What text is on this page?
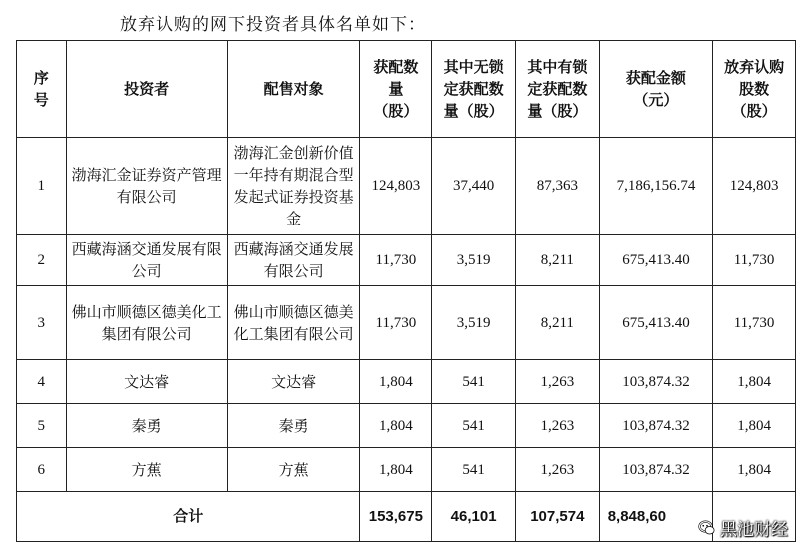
放弃认购的网下投资者具体名单如下：
序号	投资者	配售对象	获配数量（股）	其中无锁定获配数量（股）	其中有锁定获配数量（股）	获配金额（元）	放弃认购股数（股）

1	渤海汇金证券资产管理有限公司	渤海汇金创新价值一年持有期混合型发起式证券投资基金	124,803	37,440	87,363	7,186,156.74	124,803
2	西藏海涵交通发展有限公司	西藏海涵交通发展有限公司	11,730	3,519	8,211	675,413.40	11,730
3	佛山市顺德区德美化工集团有限公司	佛山市顺德区德美化工集团有限公司	11,730	3,519	8,211	675,413.40	11,730
4	文达睿	文达睿	1,804	541	1,263	103,874.32	1,804
5	秦勇	秦勇	1,804	541	1,263	103,874.32	1,804
6	方蕉	方蕉	1,804	541	1,263	103,874.32	1,804
合计			153,675	46,101	107,574	8,848,60	
黑池财经
